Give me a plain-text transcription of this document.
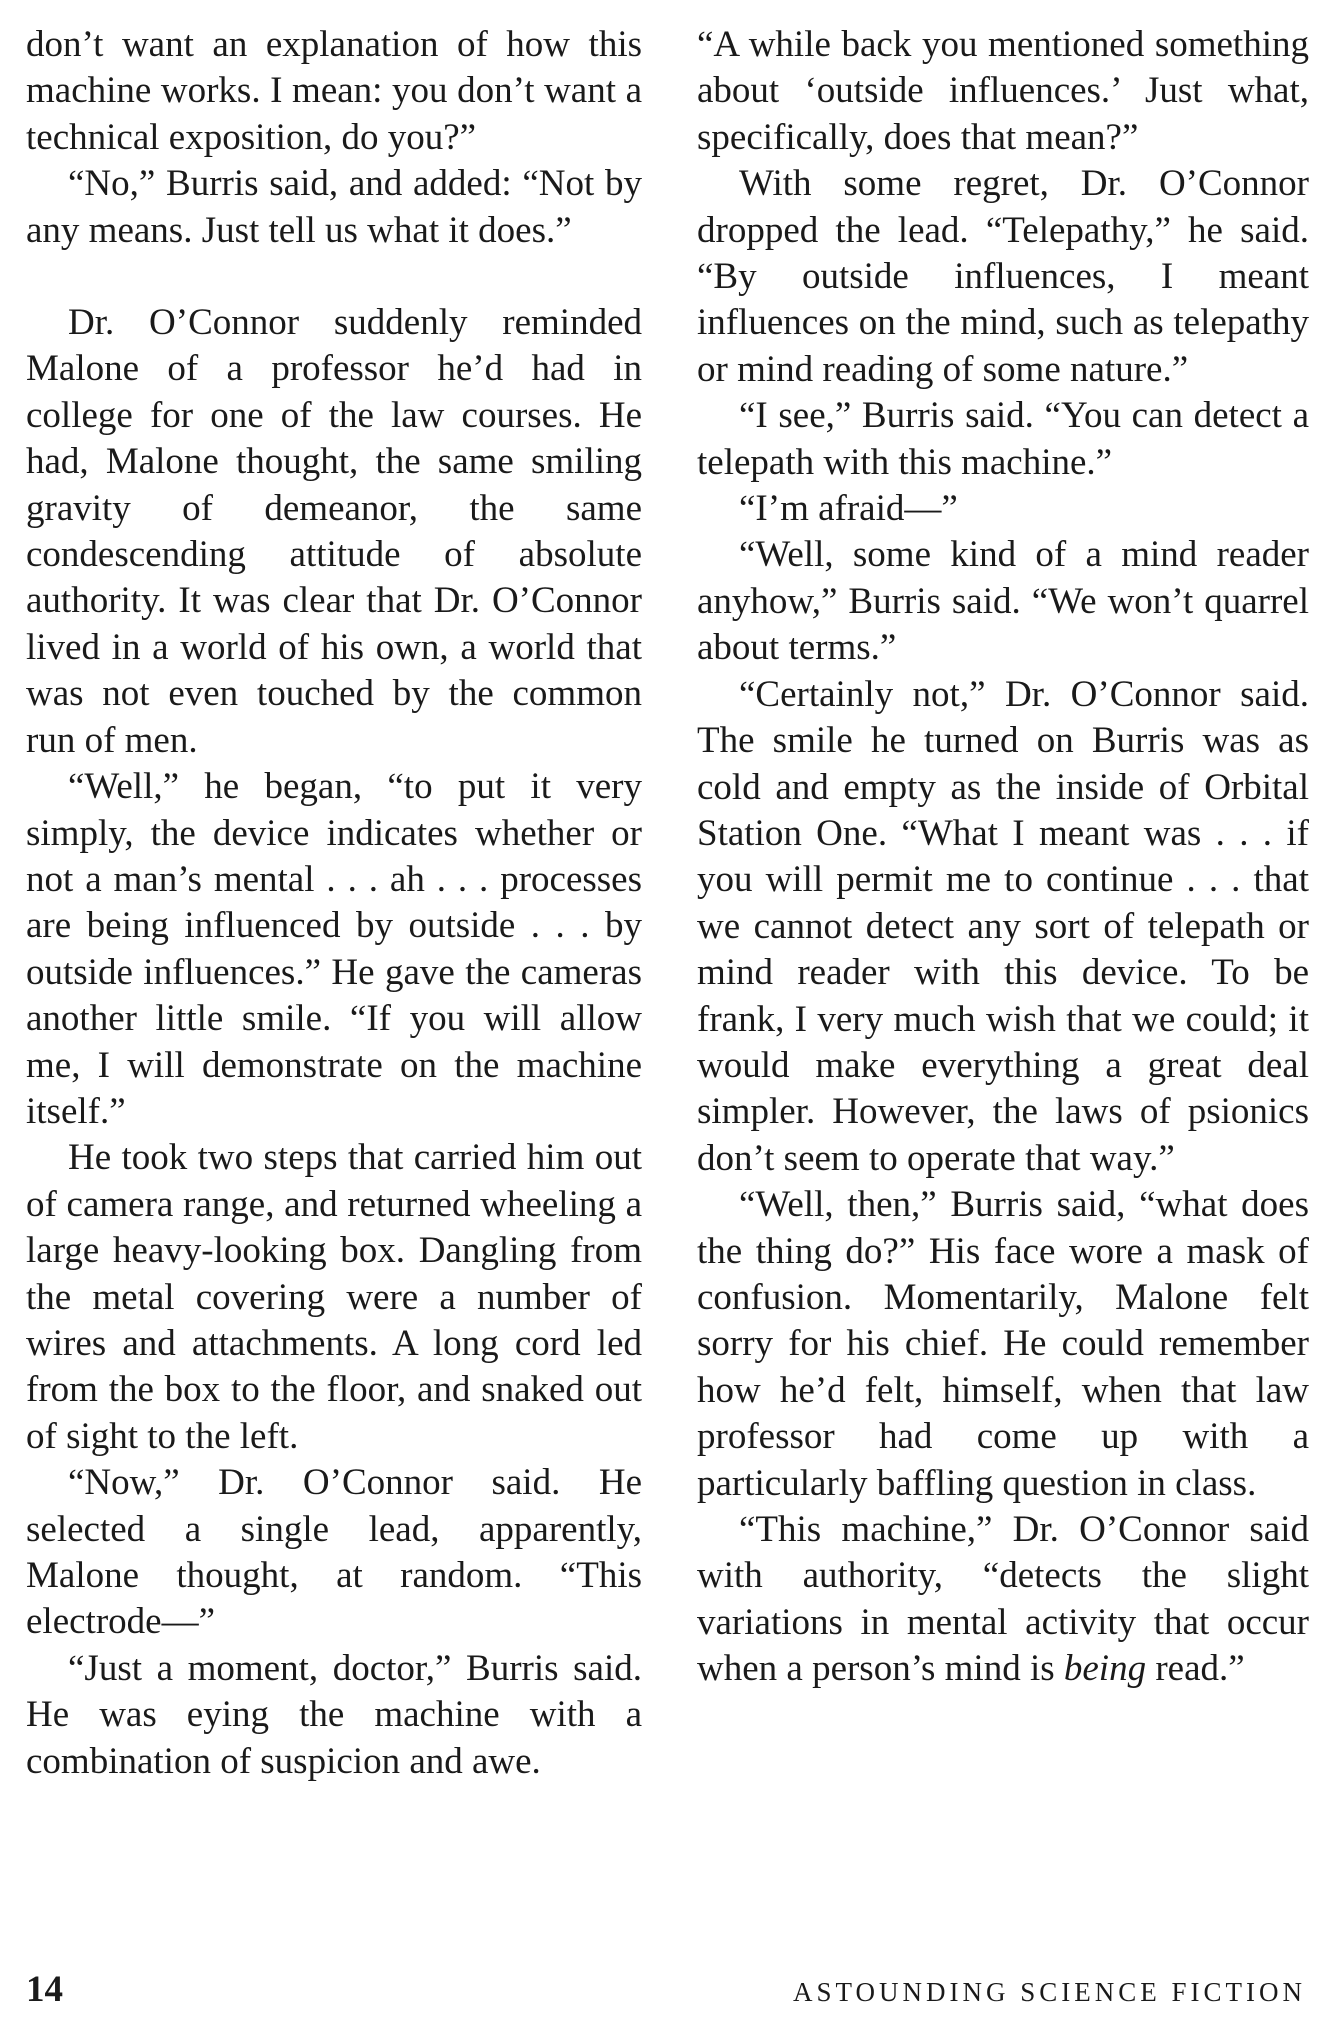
don’t want an explanation of how this machine works. I mean: you don’t want a technical exposition, do you?”

“No,” Burris said, and added: “Not by any means. Just tell us what it does.”

Dr. O’Connor suddenly reminded Malone of a professor he’d had in college for one of the law courses. He had, Malone thought, the same smiling gravity of demeanor, the same condescending attitude of absolute authority. It was clear that Dr. O’Connor lived in a world of his own, a world that was not even touched by the common run of men.

“Well,” he began, “to put it very simply, the device indicates whether or not a man’s mental . . . ah . . . processes are being influenced by outside . . . by outside influences.” He gave the cameras another little smile. “If you will allow me, I will demonstrate on the machine itself.”

He took two steps that carried him out of camera range, and returned wheeling a large heavy-looking box. Dangling from the metal covering were a number of wires and attachments. A long cord led from the box to the floor, and snaked out of sight to the left.

“Now,” Dr. O’Connor said. He selected a single lead, apparently, Malone thought, at random. “This electrode—”

“Just a moment, doctor,” Burris said. He was eying the machine with a combination of suspicion and awe.

“A while back you mentioned something about ‘outside influences.’ Just what, specifically, does that mean?”

With some regret, Dr. O’Connor dropped the lead. “Telepathy,” he said. “By outside influences, I meant influences on the mind, such as telepathy or mind reading of some nature.”

“I see,” Burris said. “You can detect a telepath with this machine.”

“I’m afraid—”

“Well, some kind of a mind reader anyhow,” Burris said. “We won’t quarrel about terms.”

“Certainly not,” Dr. O’Connor said. The smile he turned on Burris was as cold and empty as the inside of Orbital Station One. “What I meant was . . . if you will permit me to continue . . . that we cannot detect any sort of telepath or mind reader with this device. To be frank, I very much wish that we could; it would make everything a great deal simpler. However, the laws of psionics don’t seem to operate that way.”

“Well, then,” Burris said, “what does the thing do?” His face wore a mask of confusion. Momentarily, Malone felt sorry for his chief. He could remember how he’d felt, himself, when that law professor had come up with a particularly baffling question in class.

“This machine,” Dr. O’Connor said with authority, “detects the slight variations in mental activity that occur when a person’s mind is being read.”

14	ASTOUNDING SCIENCE FICTION
